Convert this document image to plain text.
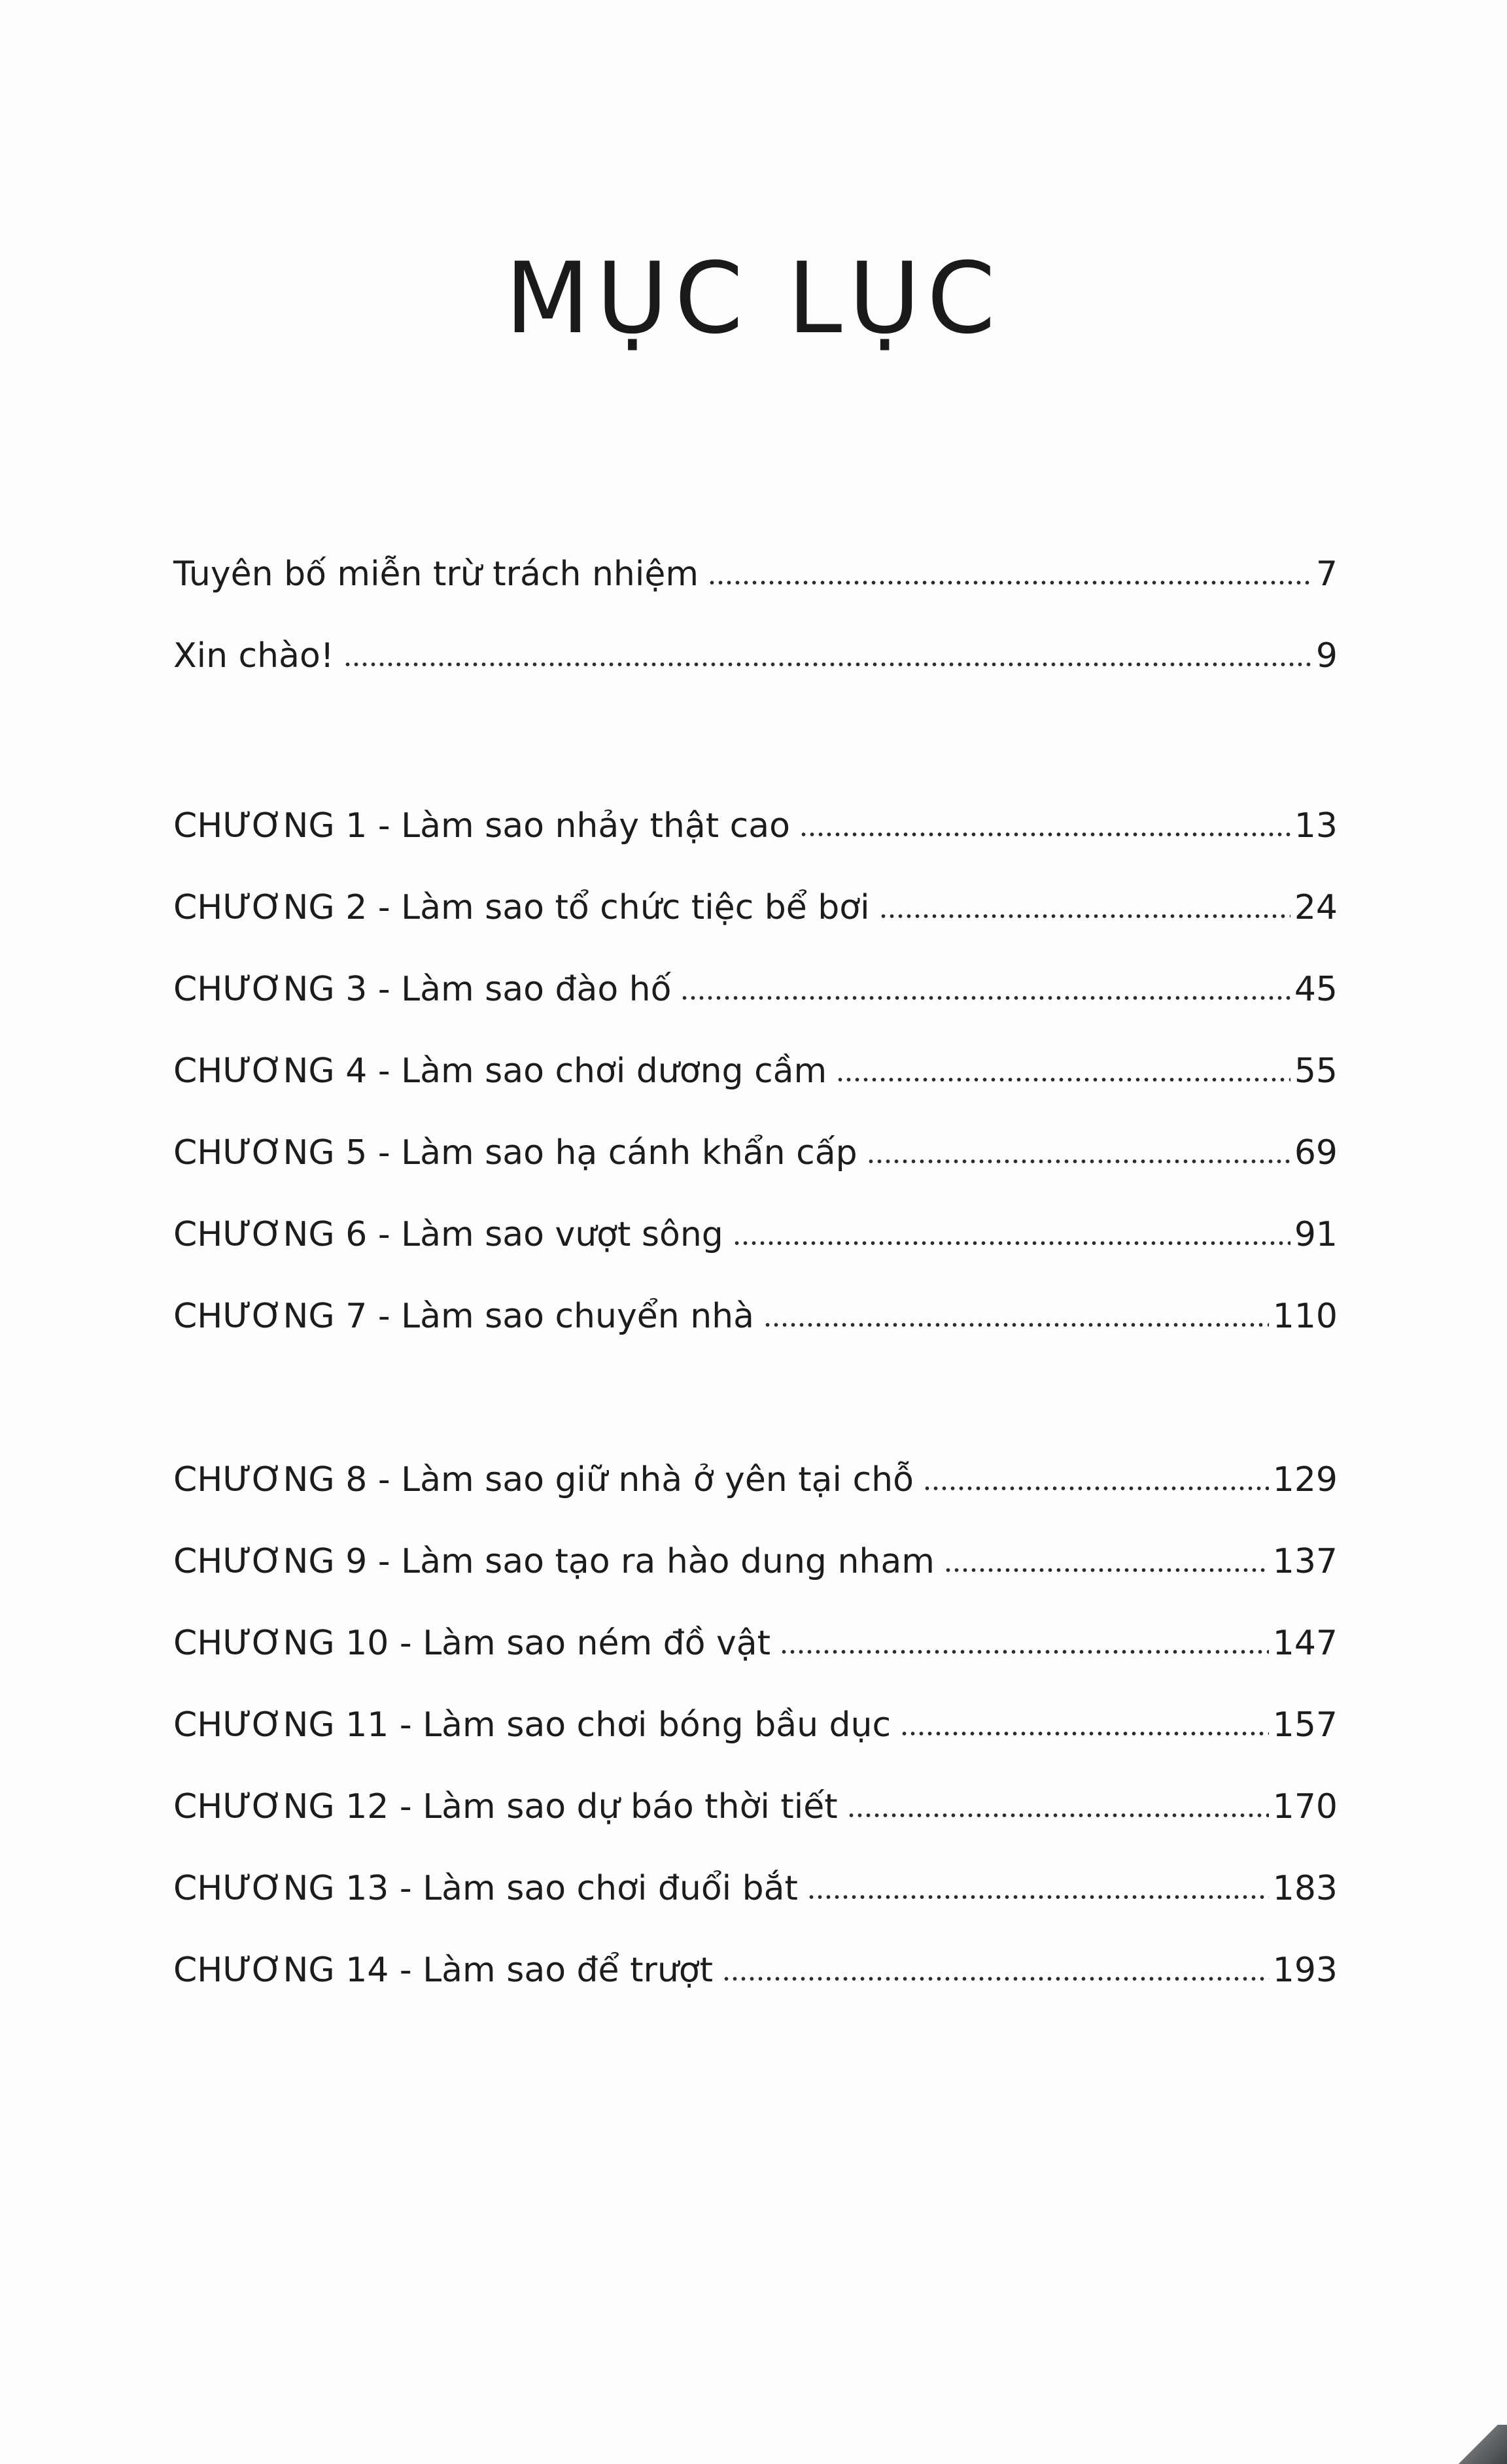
MỤC LỤC
Tuyên bố miễn trừ trách nhiệm	7
Xin chào!	9
CHƯƠNG 1 - Làm sao nhảy thật cao	13
CHƯƠNG 2 - Làm sao tổ chức tiệc bể bơi	24
CHƯƠNG 3 - Làm sao đào hố	45
CHƯƠNG 4 - Làm sao chơi dương cầm	55
CHƯƠNG 5 - Làm sao hạ cánh khẩn cấp	69
CHƯƠNG 6 - Làm sao vượt sông	91
CHƯƠNG 7 - Làm sao chuyển nhà	110
CHƯƠNG 8 - Làm sao giữ nhà ở yên tại chỗ	129
CHƯƠNG 9 - Làm sao tạo ra hào dung nham	137
CHƯƠNG 10 - Làm sao ném đồ vật	147
CHƯƠNG 11 - Làm sao chơi bóng bầu dục	157
CHƯƠNG 12 - Làm sao dự báo thời tiết	170
CHƯƠNG 13 - Làm sao chơi đuổi bắt	183
CHƯƠNG 14 - Làm sao để trượt	193
